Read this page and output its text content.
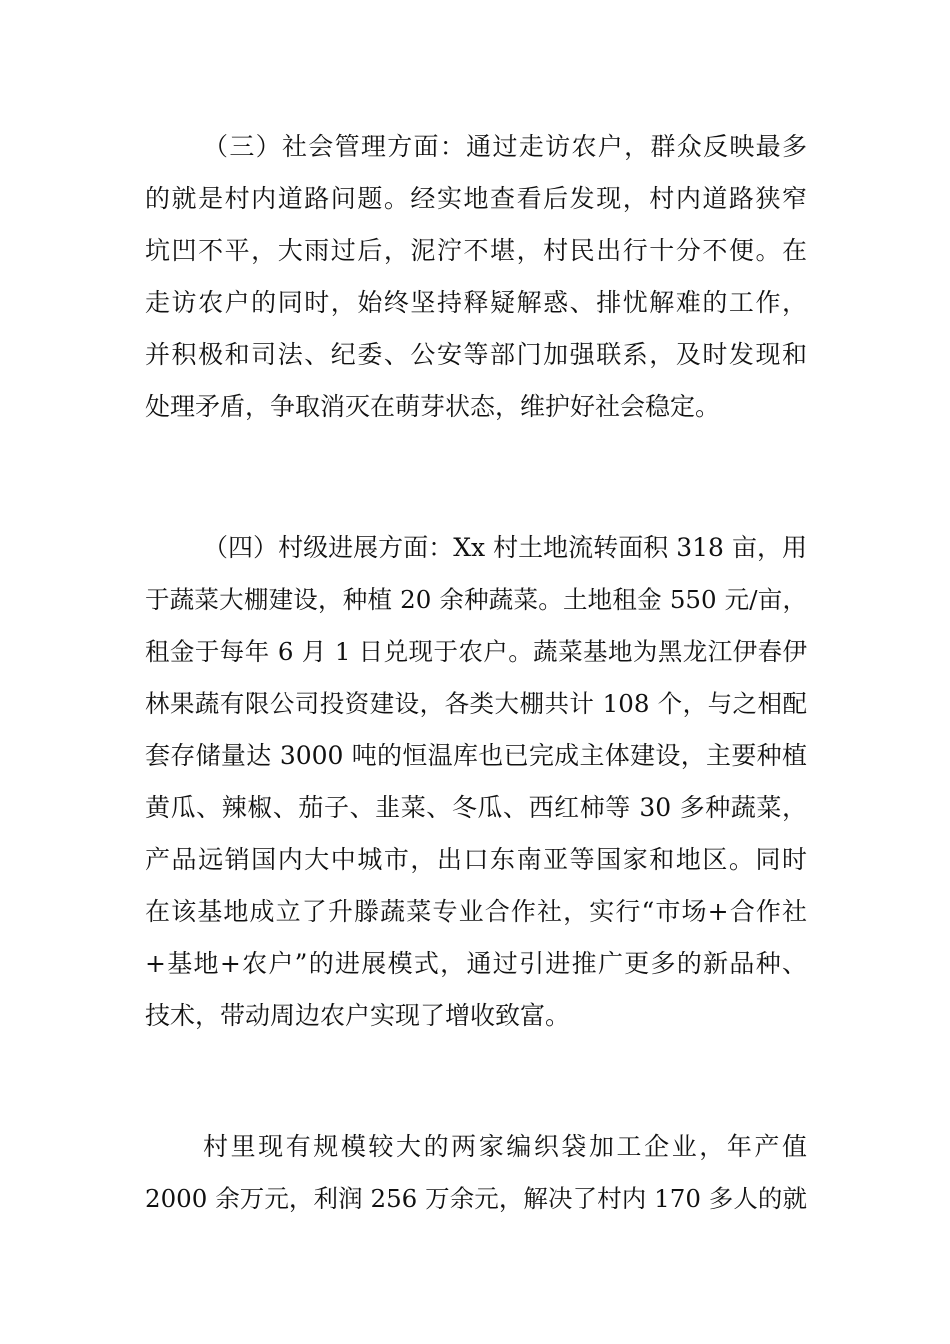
（三）社会管理方面：通过走访农户，群众反映最多
的就是村内道路问题。经实地查看后发现，村内道路狭窄
坑凹不平，大雨过后，泥泞不堪，村民出行十分不便。在
走访农户的同时，始终坚持释疑解惑、排忧解难的工作，
并积极和司法、纪委、公安等部门加强联系，及时发现和
处理矛盾，争取消灭在萌芽状态，维护好社会稳定。
（四）村级进展方面：Xx 村土地流转面积 318 亩，用
于蔬菜大棚建设，种植 20 余种蔬菜。土地租金 550 元/亩，
租金于每年 6 月 1 日兑现于农户。蔬菜基地为黑龙江伊春伊
林果蔬有限公司投资建设，各类大棚共计 108 个，与之相配
套存储量达 3000 吨的恒温库也已完成主体建设，主要种植
黄瓜、辣椒、茄子、韭菜、冬瓜、西红柿等 30 多种蔬菜，
产品远销国内大中城市，出口东南亚等国家和地区。同时
在该基地成立了升滕蔬菜专业合作社，实行“市场+合作社
+基地+农户”的进展模式，通过引进推广更多的新品种、
技术，带动周边农户实现了增收致富。
村里现有规模较大的两家编织袋加工企业，年产值
2000 余万元，利润 256 万余元，解决了村内 170 多人的就
